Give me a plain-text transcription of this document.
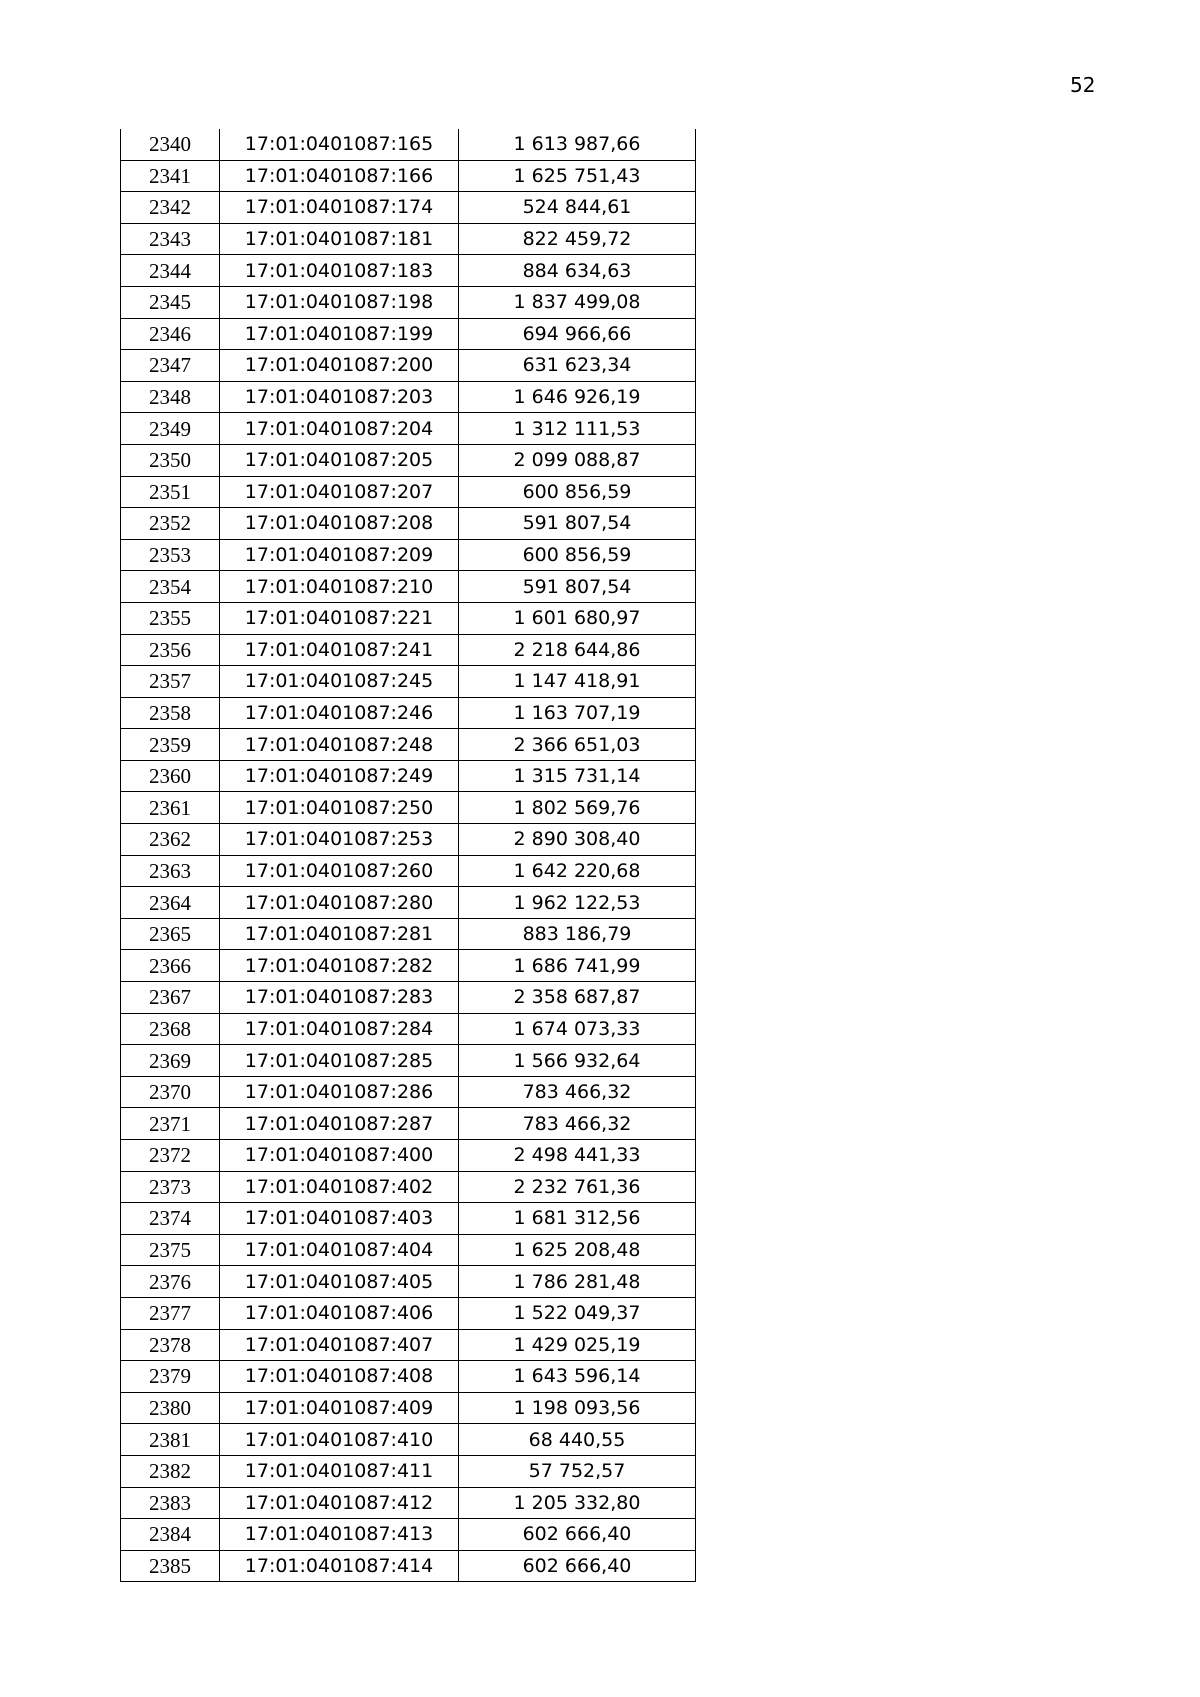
52
2340	17:01:0401087:165	1 613 987,66
2341	17:01:0401087:166	1 625 751,43
2342	17:01:0401087:174	524 844,61
2343	17:01:0401087:181	822 459,72
2344	17:01:0401087:183	884 634,63
2345	17:01:0401087:198	1 837 499,08
2346	17:01:0401087:199	694 966,66
2347	17:01:0401087:200	631 623,34
2348	17:01:0401087:203	1 646 926,19
2349	17:01:0401087:204	1 312 111,53
2350	17:01:0401087:205	2 099 088,87
2351	17:01:0401087:207	600 856,59
2352	17:01:0401087:208	591 807,54
2353	17:01:0401087:209	600 856,59
2354	17:01:0401087:210	591 807,54
2355	17:01:0401087:221	1 601 680,97
2356	17:01:0401087:241	2 218 644,86
2357	17:01:0401087:245	1 147 418,91
2358	17:01:0401087:246	1 163 707,19
2359	17:01:0401087:248	2 366 651,03
2360	17:01:0401087:249	1 315 731,14
2361	17:01:0401087:250	1 802 569,76
2362	17:01:0401087:253	2 890 308,40
2363	17:01:0401087:260	1 642 220,68
2364	17:01:0401087:280	1 962 122,53
2365	17:01:0401087:281	883 186,79
2366	17:01:0401087:282	1 686 741,99
2367	17:01:0401087:283	2 358 687,87
2368	17:01:0401087:284	1 674 073,33
2369	17:01:0401087:285	1 566 932,64
2370	17:01:0401087:286	783 466,32
2371	17:01:0401087:287	783 466,32
2372	17:01:0401087:400	2 498 441,33
2373	17:01:0401087:402	2 232 761,36
2374	17:01:0401087:403	1 681 312,56
2375	17:01:0401087:404	1 625 208,48
2376	17:01:0401087:405	1 786 281,48
2377	17:01:0401087:406	1 522 049,37
2378	17:01:0401087:407	1 429 025,19
2379	17:01:0401087:408	1 643 596,14
2380	17:01:0401087:409	1 198 093,56
2381	17:01:0401087:410	68 440,55
2382	17:01:0401087:411	57 752,57
2383	17:01:0401087:412	1 205 332,80
2384	17:01:0401087:413	602 666,40
2385	17:01:0401087:414	602 666,40
